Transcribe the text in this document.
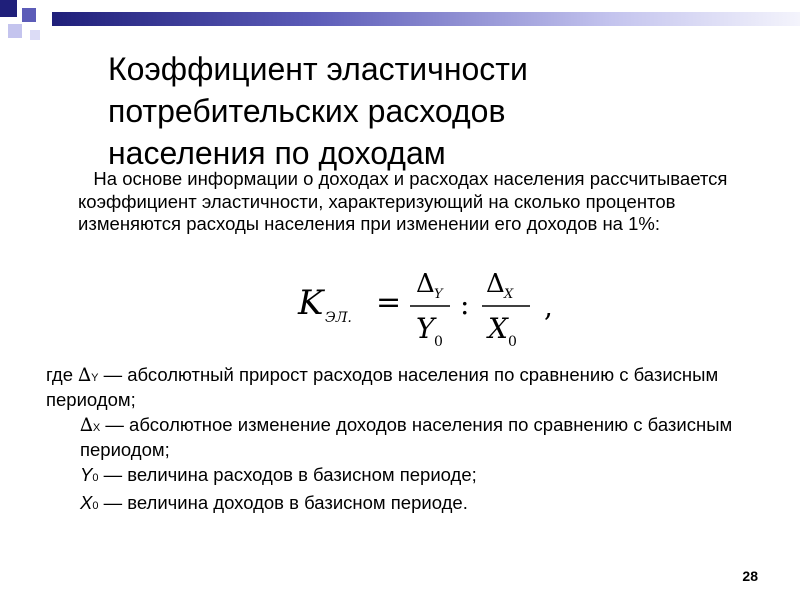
Коэффициент эластичности
потребительских расходов
населения по доходам

На основе информации о доходах и расходах населения рассчитывается коэффициент эластичности, характеризующий на сколько процентов изменяются расходы населения при изменении его доходов на 1%:

K ЭЛ. =
Δ Y
Y 0
:
Δ X
X 0
,

где ∆Y — абсолютный прирост расходов населения по сравнению с базисным периодом;

∆X — абсолютное изменение доходов населения по сравнению с базисным периодом;

Y0 — величина расходов в базисном периоде;

X0 — величина доходов в базисном периоде.

28
